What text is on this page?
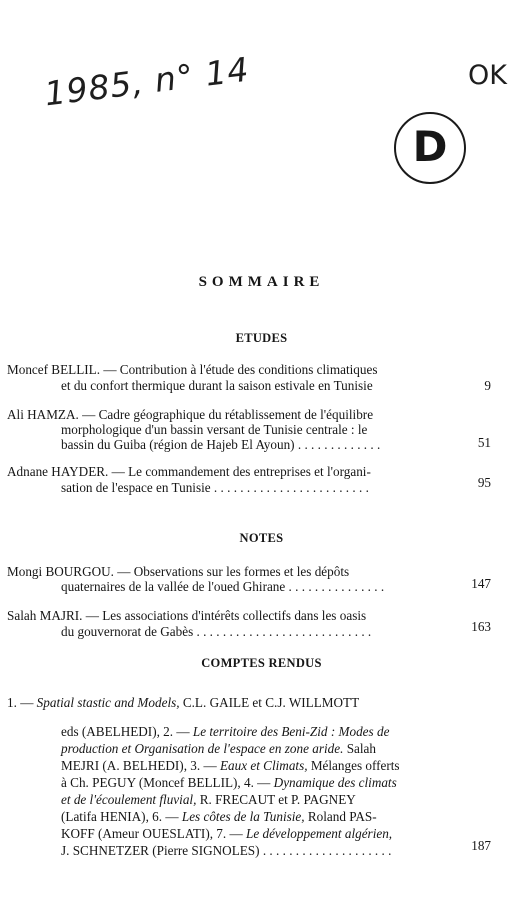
1985, n° 14	OK
D
SOMMAIRE
ETUDES
Moncef BELLIL. — Contribution à l'étude des conditions climatiques
et du confort thermique durant la saison estivale en Tunisie	9
Ali HAMZA. — Cadre géographique du rétablissement de l'équilibre
morphologique d'un bassin versant de Tunisie centrale : le
bassin du Guiba (région de Hajeb El Ayoun) . . . . . . . . . . . . .	51
Adnane HAYDER. — Le commandement des entreprises et l'organi-
sation de l'espace en Tunisie . . . . . . . . . . . . . . . . . . . . . . . .	95
NOTES
Mongi BOURGOU. — Observations sur les formes et les dépôts
quaternaires de la vallée de l'oued Ghirane . . . . . . . . . . . . . . .	147
Salah MAJRI. — Les associations d'intérêts collectifs dans les oasis
du gouvernorat de Gabès . . . . . . . . . . . . . . . . . . . . . . . . . . .	163
COMPTES RENDUS
1. — Spatial stastic and Models, C.L. GAILE et C.J. WILLMOTT
eds (ABELHEDI), 2. — Le territoire des Beni-Zid : Modes de
production et Organisation de l'espace en zone aride. Salah
MEJRI (A. BELHEDI), 3. — Eaux et Climats, Mélanges offerts
à Ch. PEGUY (Moncef BELLIL), 4. — Dynamique des climats
et de l'écoulement fluvial, R. FRECAUT et P. PAGNEY
(Latifa HENIA), 6. — Les côtes de la Tunisie, Roland PAS-
KOFF (Ameur OUESLATI), 7. — Le développement algérien,
J. SCHNETZER (Pierre SIGNOLES) . . . . . . . . . . . . . . . . . . . .	187
